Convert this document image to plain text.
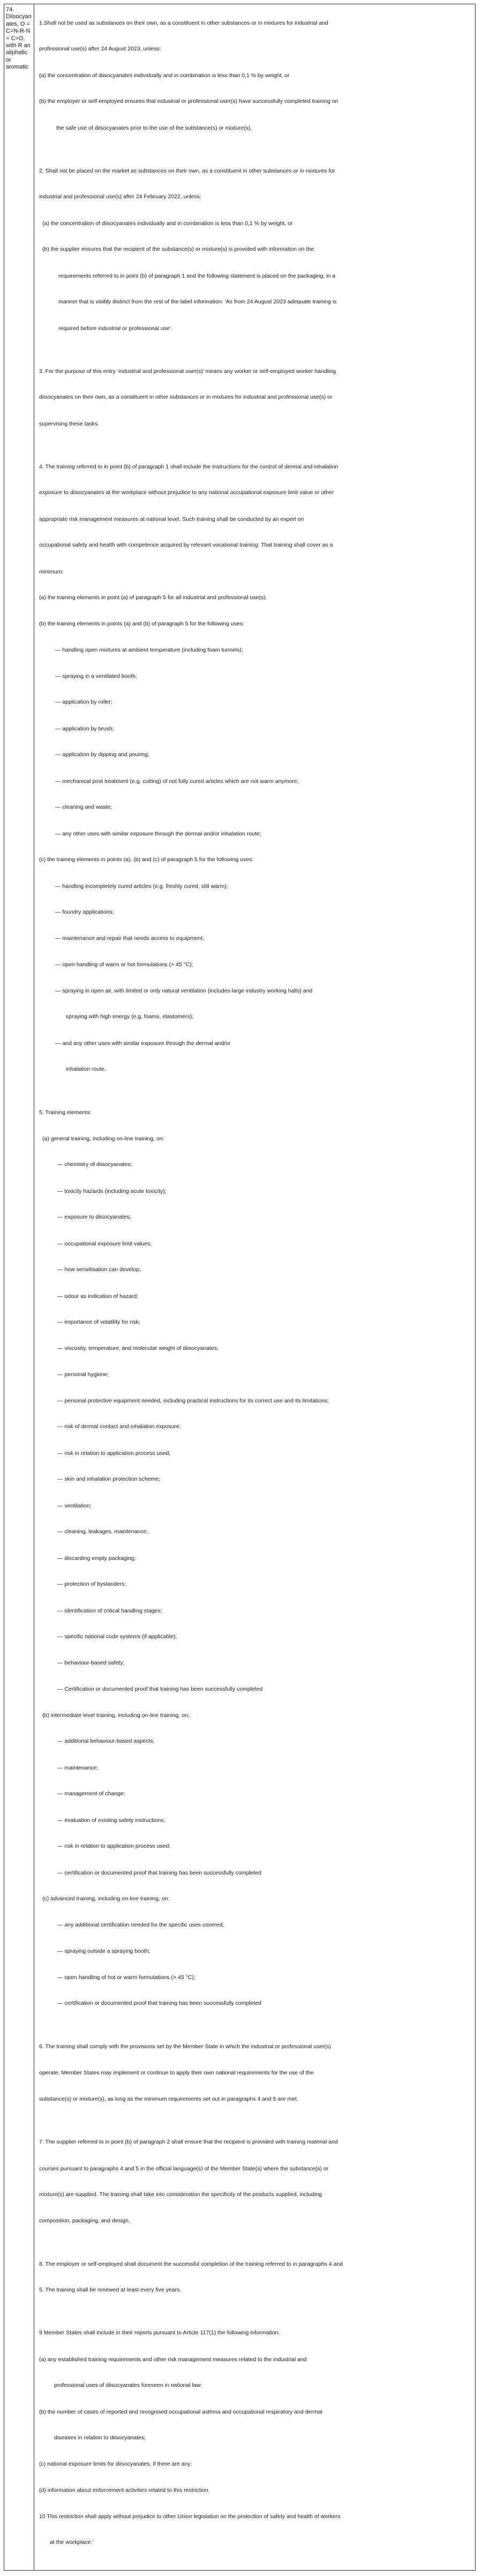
74. Diisocyanates, O = C=N-R-N = C=O, with R an aliphatic or aromatic
1.Shall not be used as substances on their own, as a constituent in other substances or in mixtures for industrial and
professional use(s) after 24 August 2023, unless:
(a) the concentration of diisocyanates individually and in combination is less than 0,1 % by weight, or
(b) the employer or self-employed ensures that industrial or professional user(s) have successfully completed training on
the safe use of diisocyanates prior to the use of the substance(s) or mixture(s).
2. Shall not be placed on the market as substances on their own, as a constituent in other substances or in mixtures for
industrial and professional use(s) after 24 February 2022, unless:
(a) the concentration of diisocyanates individually and in combination is less than 0,1 % by weight, or
(b) the supplier ensures that the recipient of the substance(s) or mixture(s) is provided with information on the
requirements referred to in point (b) of paragraph 1 and the following statement is placed on the packaging, in a
manner that is visibly distinct from the rest of the label information: ‘As from 24 August 2023 adequate training is
required before industrial or professional use’.
3. For the purpose of this entry ‘industrial and professional user(s)’ means any worker or self-employed worker handling
diisocyanates on their own, as a constituent in other substances or in mixtures for industrial and professional use(s) or
supervising these tasks.
4. The training referred to in point (b) of paragraph 1 shall include the instructions for the control of dermal and inhalation
exposure to diisocyanates at the workplace without prejudice to any national occupational exposure limit value or other
appropriate risk management measures at national level. Such training shall be conducted by an expert on
occupational safety and health with competence acquired by relevant vocational training. That training shall cover as a
minimum:
(a) the training elements in point (a) of paragraph 5 for all industrial and professional use(s).
(b) the training elements in points (a) and (b) of paragraph 5 for the following uses:
— handling open mixtures at ambient temperature (including foam tunnels);
— spraying in a ventilated booth;
— application by roller;
— application by brush;
— application by dipping and pouring;
— mechanical post treatment (e.g. cutting) of not fully cured articles which are not warm anymore;
— cleaning and waste;
— any other uses with similar exposure through the dermal and/or inhalation route;
(c) the training elements in points (a), (b) and (c) of paragraph 5 for the following uses:
— handling incompletely cured articles (e.g. freshly cured, still warm);
— foundry applications;
— maintenance and repair that needs access to equipment;
— open handling of warm or hot formulations (> 45 °C);
— spraying in open air, with limited or only natural ventilation (includes large industry working halls) and
spraying with high energy (e.g. foams, elastomers);
— and any other uses with similar exposure through the dermal and/or
inhalation route.
5. Training elements:
(a) general training, including on-line training, on:
— chemistry of diisocyanates;
— toxicity hazards (including acute toxicity);
— exposure to diisocyanates;
— occupational exposure limit values;
— how sensitisation can develop;
— odour as indication of hazard;
— importance of volatility for risk;
— viscosity, temperature, and molecular weight of diisocyanates;
— personal hygiene;
— personal protective equipment needed, including practical instructions for its correct use and its limitations;
— risk of dermal contact and inhalation exposure;
— risk in relation to application process used;
— skin and inhalation protection scheme;
— ventilation;
— cleaning, leakages, maintenance;
— discarding empty packaging;
— protection of bystanders;
— identification of critical handling stages;
— specific national code systems (if applicable);
— behaviour-based safety;
— Certification or documented proof that training has been successfully completed
(b) intermediate level training, including on-line training, on:
— additional behaviour-based aspects;
— maintenance;
— management of change;
— evaluation of existing safety instructions;
— risk in relation to application process used;
— certification or documented proof that training has been successfully completed
(c) advanced training, including on-line training, on:
— any additional certification needed for the specific uses covered;
— spraying outside a spraying booth;
— open handling of hot or warm formulations (> 45 °C);
— certification or documented proof that training has been successfully completed
6. The training shall comply with the provisions set by the Member State in which the industrial or professional user(s)
operate. Member States may implement or continue to apply their own national requirements for the use of the
substance(s) or mixture(s), as long as the minimum requirements set out in paragraphs 4 and 5 are met.
7. The supplier referred to in point (b) of paragraph 2 shall ensure that the recipient is provided with training material and
courses pursuant to paragraphs 4 and 5 in the official language(s) of the Member State(s) where the substance(s) or
mixture(s) are supplied. The training shall take into consideration the specificity of the products supplied, including
composition, packaging, and design.
8. The employer or self-employed shall document the successful completion of the training referred to in paragraphs 4 and
5. The training shall be renewed at least every five years.
9 Member States shall include in their reports pursuant to Article 117(1) the following information:
(a) any established training requirements and other risk management measures related to the industrial and
professional uses of diisocyanates foreseen in national law;
(b) the number of cases of reported and recognised occupational asthma and occupational respiratory and dermal
diseases in relation to diisocyanates;
(c) national exposure limits for diisocyanates, if there are any;
(d) information about enforcement activities related to this restriction.
10 This restriction shall apply without prejudice to other Union legislation on the protection of safety and health of workers
at the workplace.’
